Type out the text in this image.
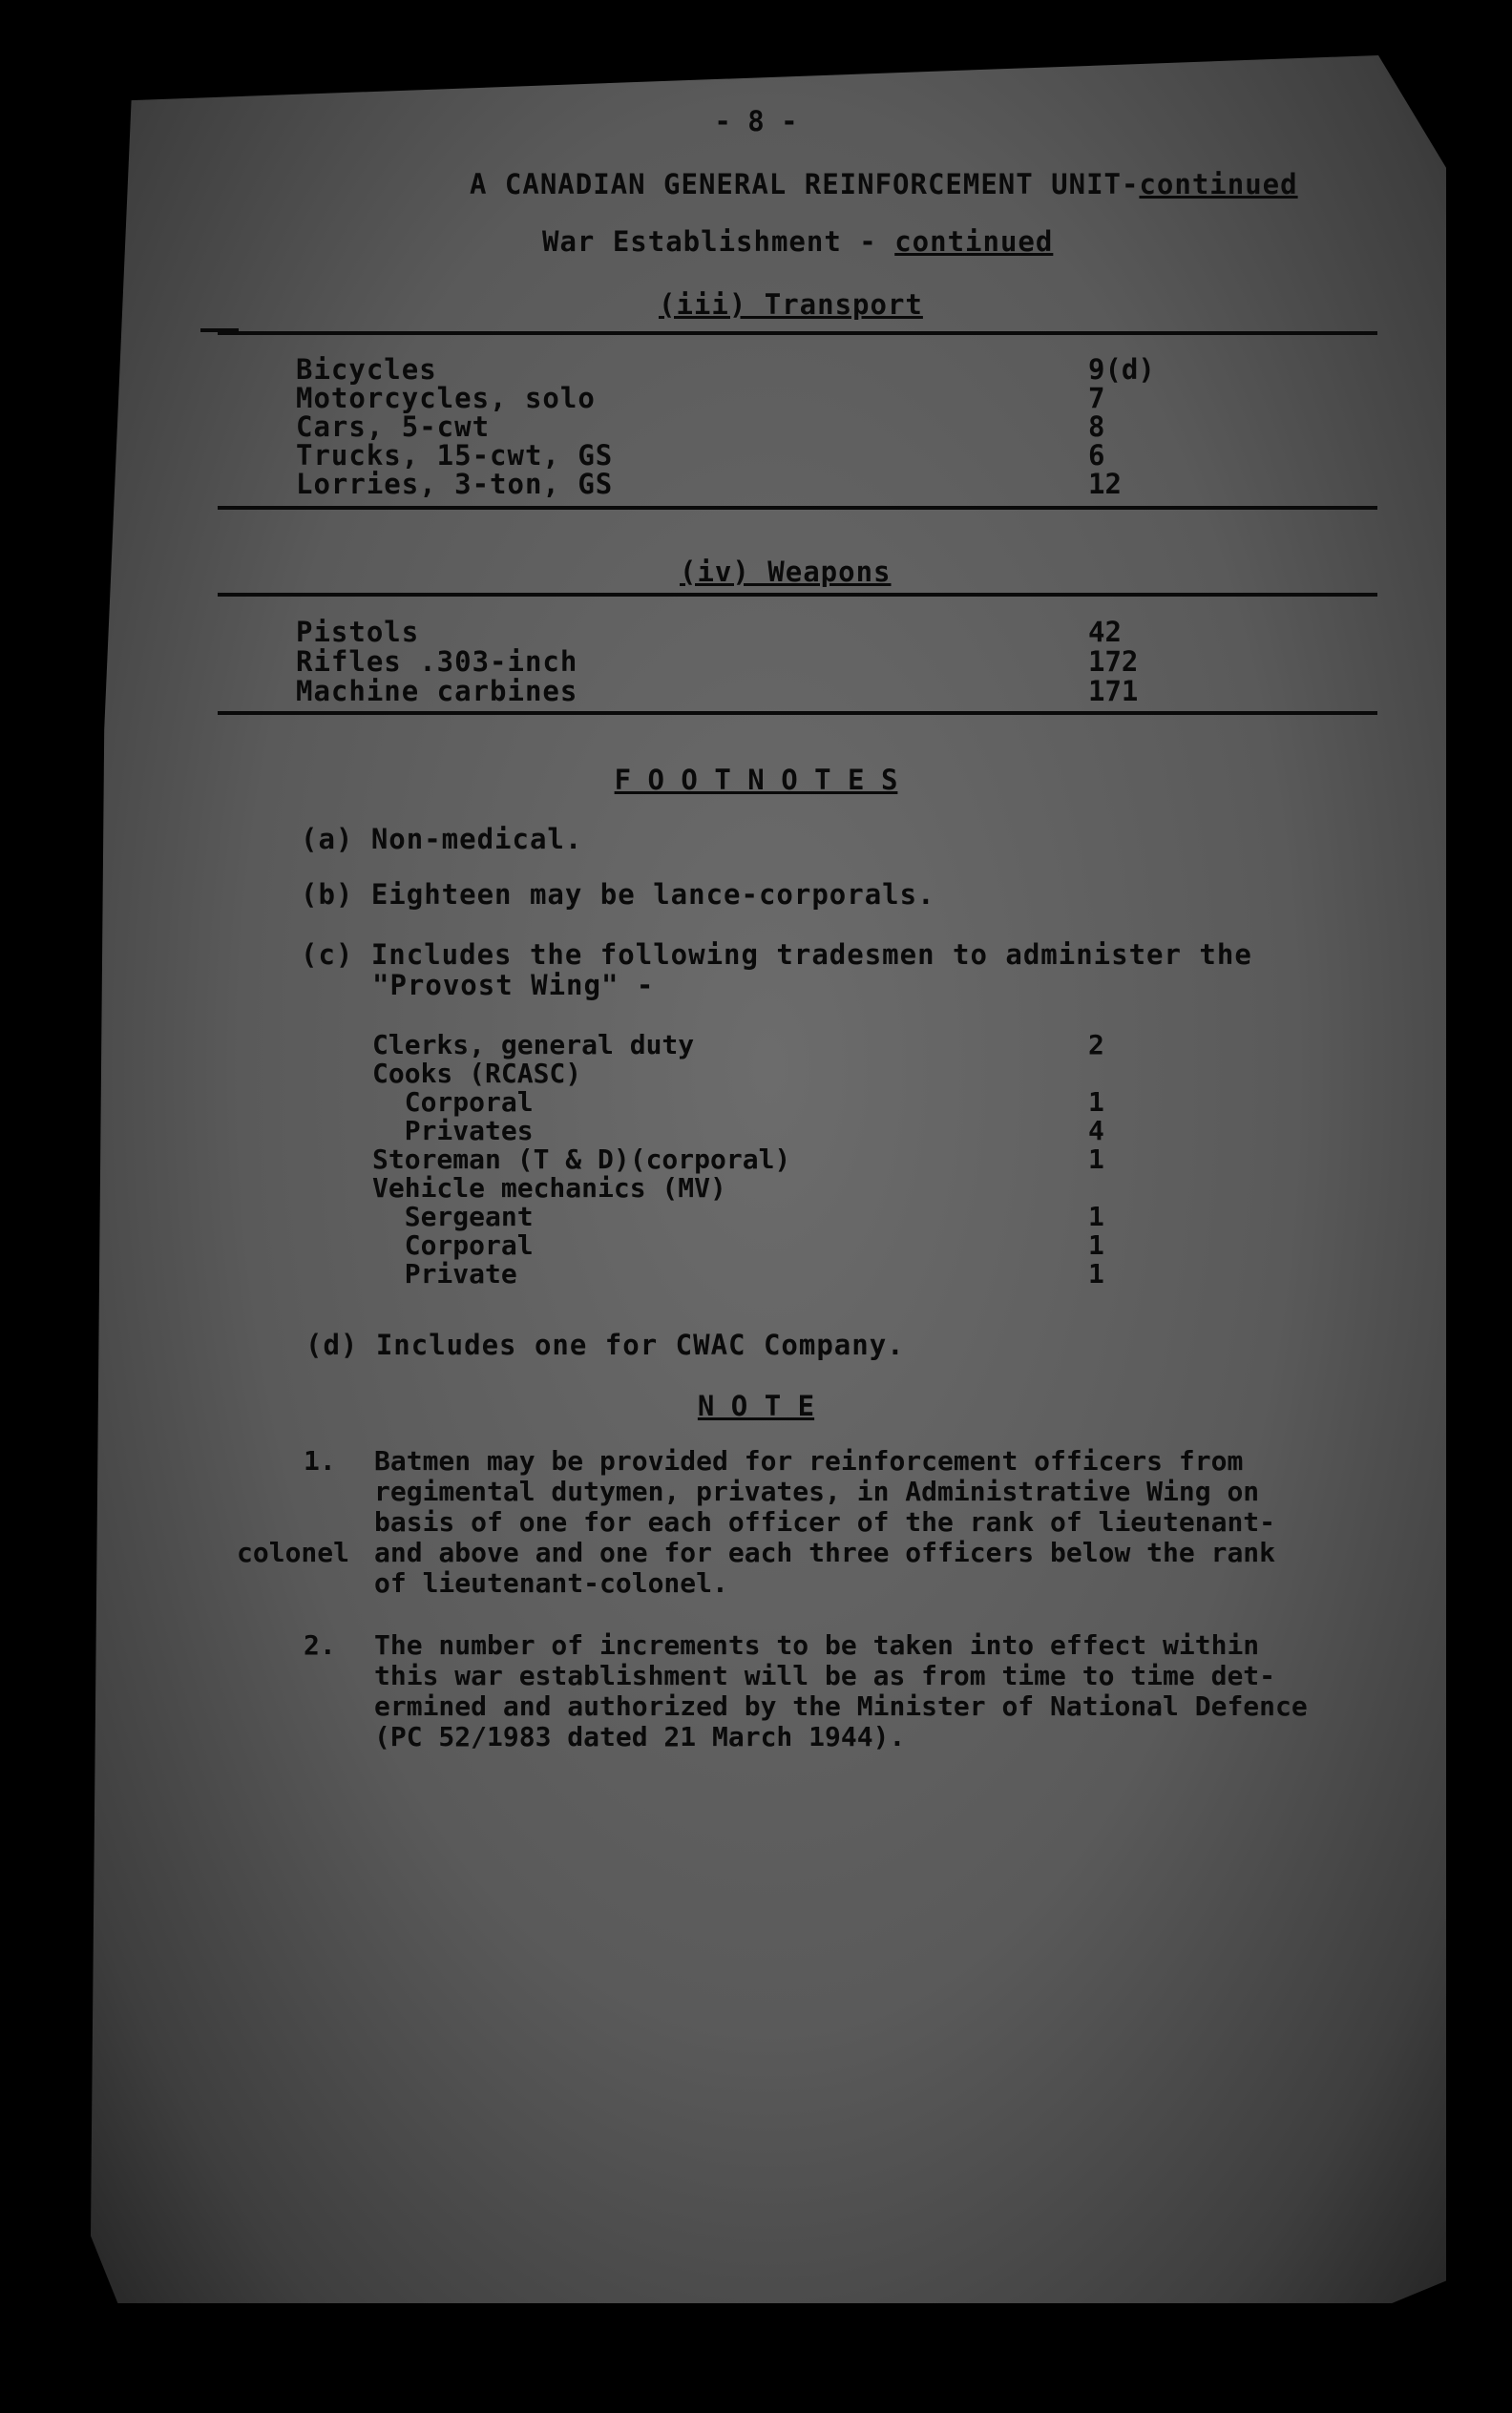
- 8 -
A CANADIAN GENERAL REINFORCEMENT UNIT-continued
War Establishment - continued
(iii) Transport
Bicycles	9(d)
Motorcycles, solo	7
Cars, 5-cwt	8
Trucks, 15-cwt, GS	6
Lorries, 3-ton, GS	12
(iv) Weapons
Pistols	42
Rifles .303-inch	172
Machine carbines	171
F O O T N O T E S
(a) Non-medical.
(b) Eighteen may be lance-corporals.
(c) Includes the following tradesmen to administer the
"Provost Wing" -
Clerks, general duty	2
Cooks (RCASC)
Corporal	1
Privates	4
Storeman (T & D)(corporal)	1
Vehicle mechanics (MV)
Sergeant	1
Corporal	1
Private	1
(d) Includes one for CWAC Company.
N O T E
1. Batmen may be provided for reinforcement officers from
regimental dutymen, privates, in Administrative Wing on
basis of one for each officer of the rank of lieutenant-
colonel and above and one for each three officers below the rank
of lieutenant-colonel.
2. The number of increments to be taken into effect within
this war establishment will be as from time to time det-
ermined and authorized by the Minister of National Defence
(PC 52/1983 dated 21 March 1944).
